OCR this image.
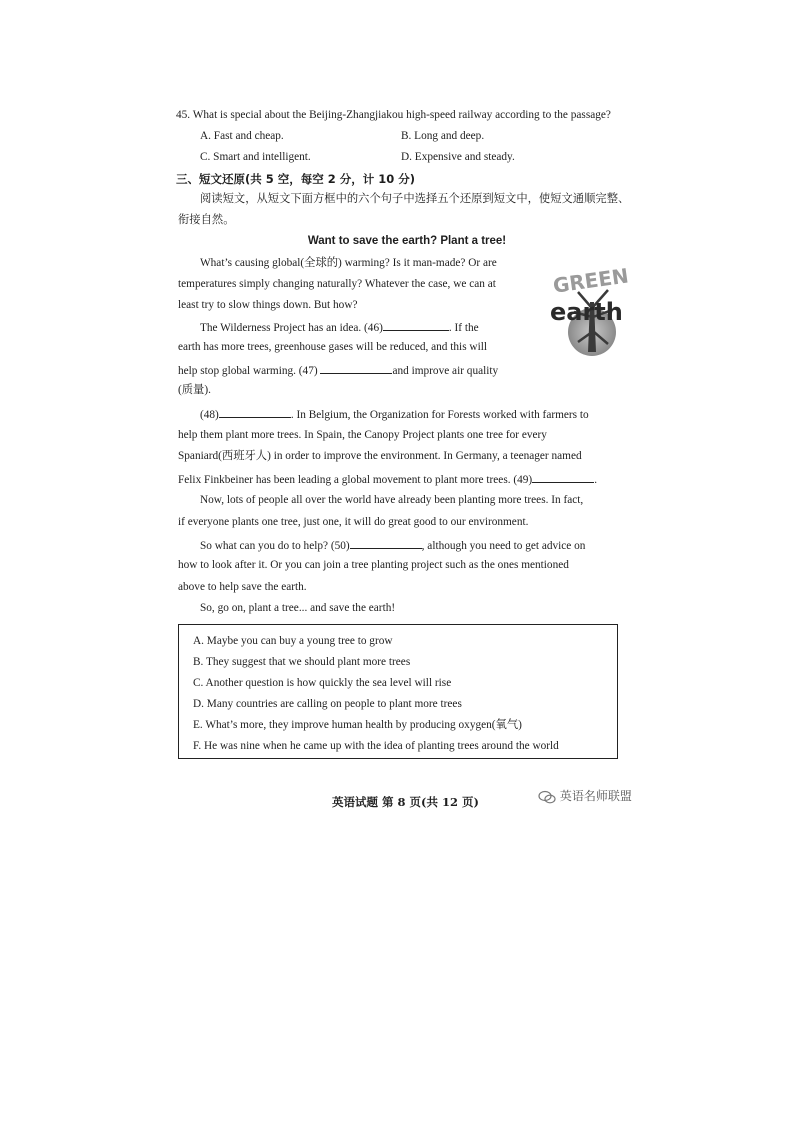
45. What is special about the Beijing-Zhangjiakou high-speed railway according to the passage?
A. Fast and cheap.	B. Long and deep.
C. Smart and intelligent.	D. Expensive and steady.
三、短文还原(共 5 空，每空 2 分，计 10 分)
阅读短文，从短文下面方框中的六个句子中选择五个还原到短文中，使短文通顺完整、
衔接自然。
Want to save the earth? Plant a tree!
What’s causing global(全球的) warming? Is it man-made? Or are
temperatures simply changing naturally? Whatever the case, we can at
least try to slow things down. But how?
GREEN
earth
The Wilderness Project has an idea. (46)	. If the
earth has more trees, greenhouse gases will be reduced, and this will
help stop global warming. (47)	and improve air quality
(质量).
(48)	. In Belgium, the Organization for Forests worked with farmers to
help them plant more trees. In Spain, the Canopy Project plants one tree for every
Spaniard(西班牙人) in order to improve the environment. In Germany, a teenager named
Felix Finkbeiner has been leading a global movement to plant more trees. (49)	.
Now, lots of people all over the world have already been planting more trees. In fact,
if everyone plants one tree, just one, it will do great good to our environment.
So what can you do to help? (50)	, although you need to get advice on
how to look after it. Or you can join a tree planting project such as the ones mentioned
above to help save the earth.
So, go on, plant a tree... and save the earth!
A. Maybe you can buy a young tree to grow
B. They suggest that we should plant more trees
C. Another question is how quickly the sea level will rise
D. Many countries are calling on people to plant more trees
E. What’s more, they improve human health by producing oxygen(氧气)
F. He was nine when he came up with the idea of planting trees around the world
英语试题 第 8 页(共 12 页)	英语名师联盟
